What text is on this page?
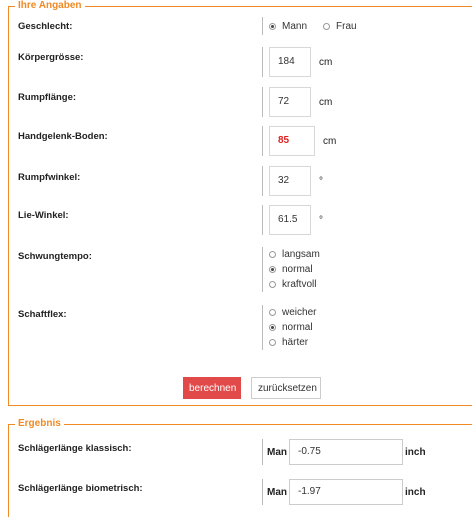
Ihre Angaben
Geschlecht:	Mann	Frau
Körpergrösse:	184 cm
Rumpflänge:	72	cm
Handgelenk-Boden:	85	cm
Rumpfwinkel:	32	°
Lie-Winkel:	61.5 °
Schwungtempo:	langsam
normal
kraftvoll
Schaftflex:	weicher
normal
härter
berechnen	zurücksetzen
Ergebnis
Schlägerlänge klassisch:	Man	-0.75	inch
Schlägerlänge biometrisch:	Man	-1.97	inch
